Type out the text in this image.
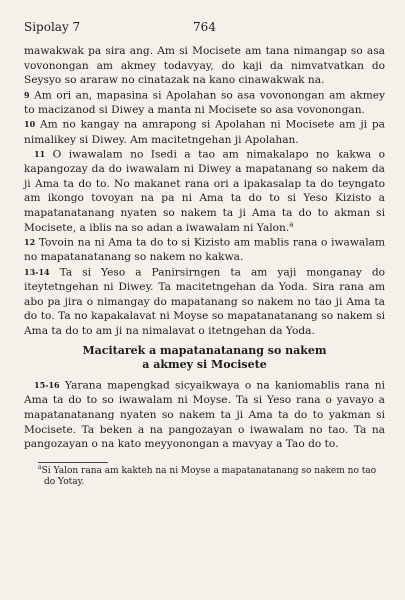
Sipolay 7	764

mawakwak pa sira ang. Am si Mocisete am tana nimangap so asa vovonongan am akmey todavyay, do kaji da nimvatvatkan do Seysyo so araraw no cinatazak na kano cinawakwak na.

9 Am ori an, mapasina si Apolahan so asa vovonongan am akmey to macizanod si Diwey a manta ni Mocisete so asa vovonongan.

10 Am no kangay na amrapong si Apolahan ni Mocisete am ji pa nimalikey si Diwey. Am macitetngehan ji Apolahan.

11 O iwawalam no Isedi a tao am nimakalapo no kakwa o kapangozay da do iwawalam ni Diwey a mapatanang so nakem da ji Ama ta do to. No makanet rana ori a ipakasalap ta do teyngato am ikongo tovoyan na pa ni Ama ta do to si Yeso Kizisto a mapatanatanang nyaten so nakem ta ji Ama ta do to akman si Mocisete, a iblis na so adan a iwawalam ni Yalon.$^a$

12 Tovoin na ni Ama ta do to si Kizisto am mablis rana o iwawalam no mapatanatanang so nakem no kakwa.

13-14 Ta si Yeso a Panirsirngen ta am yaji monganay do iteytetngehan ni Diwey. Ta macitetngehan da Yoda. Sira rana am abo pa jira o nimangay do mapatanang so nakem no tao ji Ama ta do to. Ta no kapakalavat ni Moyse so mapatanatanang so nakem si Ama ta do to am ji na nimalavat o itetngehan da Yoda.

Macitarek a mapatanatanang so nakem
a akmey si Mocisete

15-16 Yarana mapengkad sicyaikwaya o na kaniomablis rana ni Ama ta do to so iwawalam ni Moyse. Ta si Yeso rana o yavayo a mapatanatanang nyaten so nakem ta ji Ama ta do to yakman si Mocisete. Ta beken a na pangozayan o iwawalam no tao. Ta na pangozayan o na kato meyyonongan a mavyay a Tao do to.

$^a$Si Yalon rana am kakteh na ni Moyse a mapatanatanang so nakem no tao do Yotay.
